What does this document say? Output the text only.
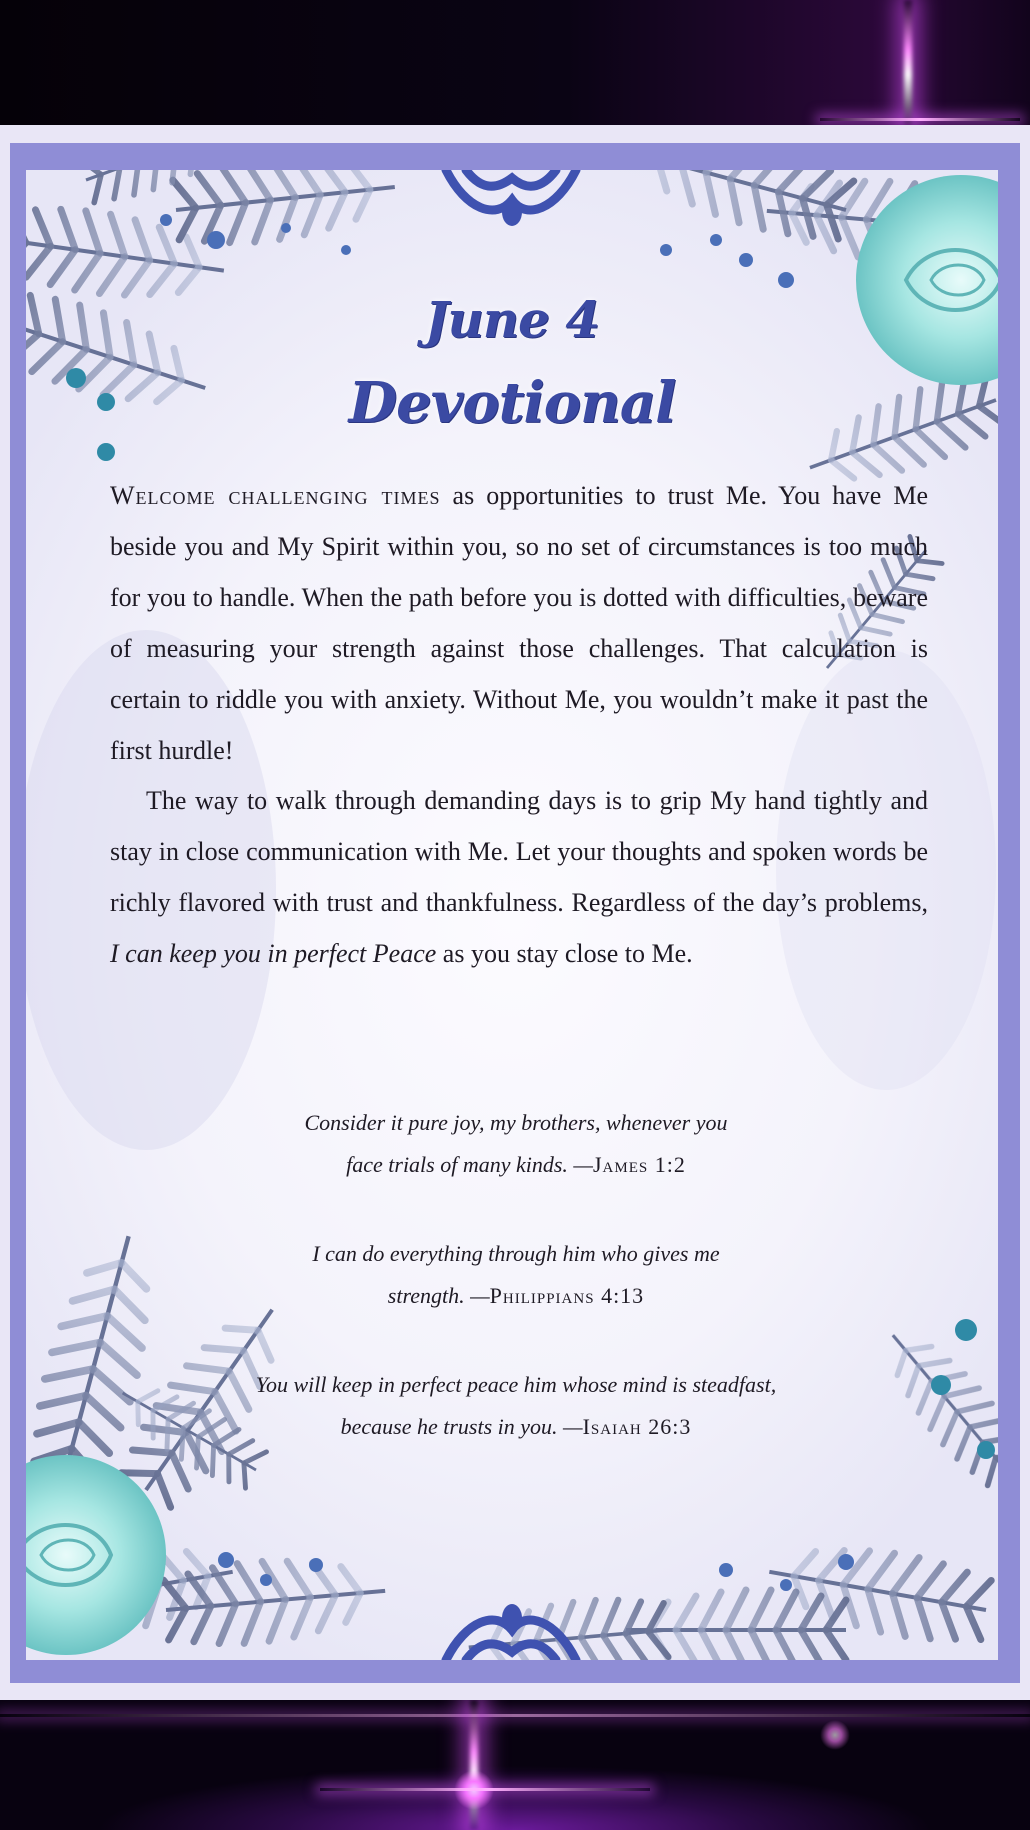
June 4
Devotional
Welcome challenging times as opportunities to trust Me. You have Me beside you and My Spirit within you, so no set of circumstances is too much for you to handle. When the path before you is dotted with difficulties, beware of measuring your strength against those challenges. That calculation is certain to riddle you with anxiety. Without Me, you wouldn’t make it past the first hurdle!
The way to walk through demanding days is to grip My hand tightly and stay in close communication with Me. Let your thoughts and spoken words be richly flavored with trust and thankfulness. Regardless of the day’s problems, I can keep you in perfect Peace as you stay close to Me.
Consider it pure joy, my brothers, whenever you
face trials of many kinds. —James 1:2
I can do everything through him who gives me
strength. —Philippians 4:13
You will keep in perfect peace him whose mind is steadfast,
because he trusts in you. —Isaiah 26:3
